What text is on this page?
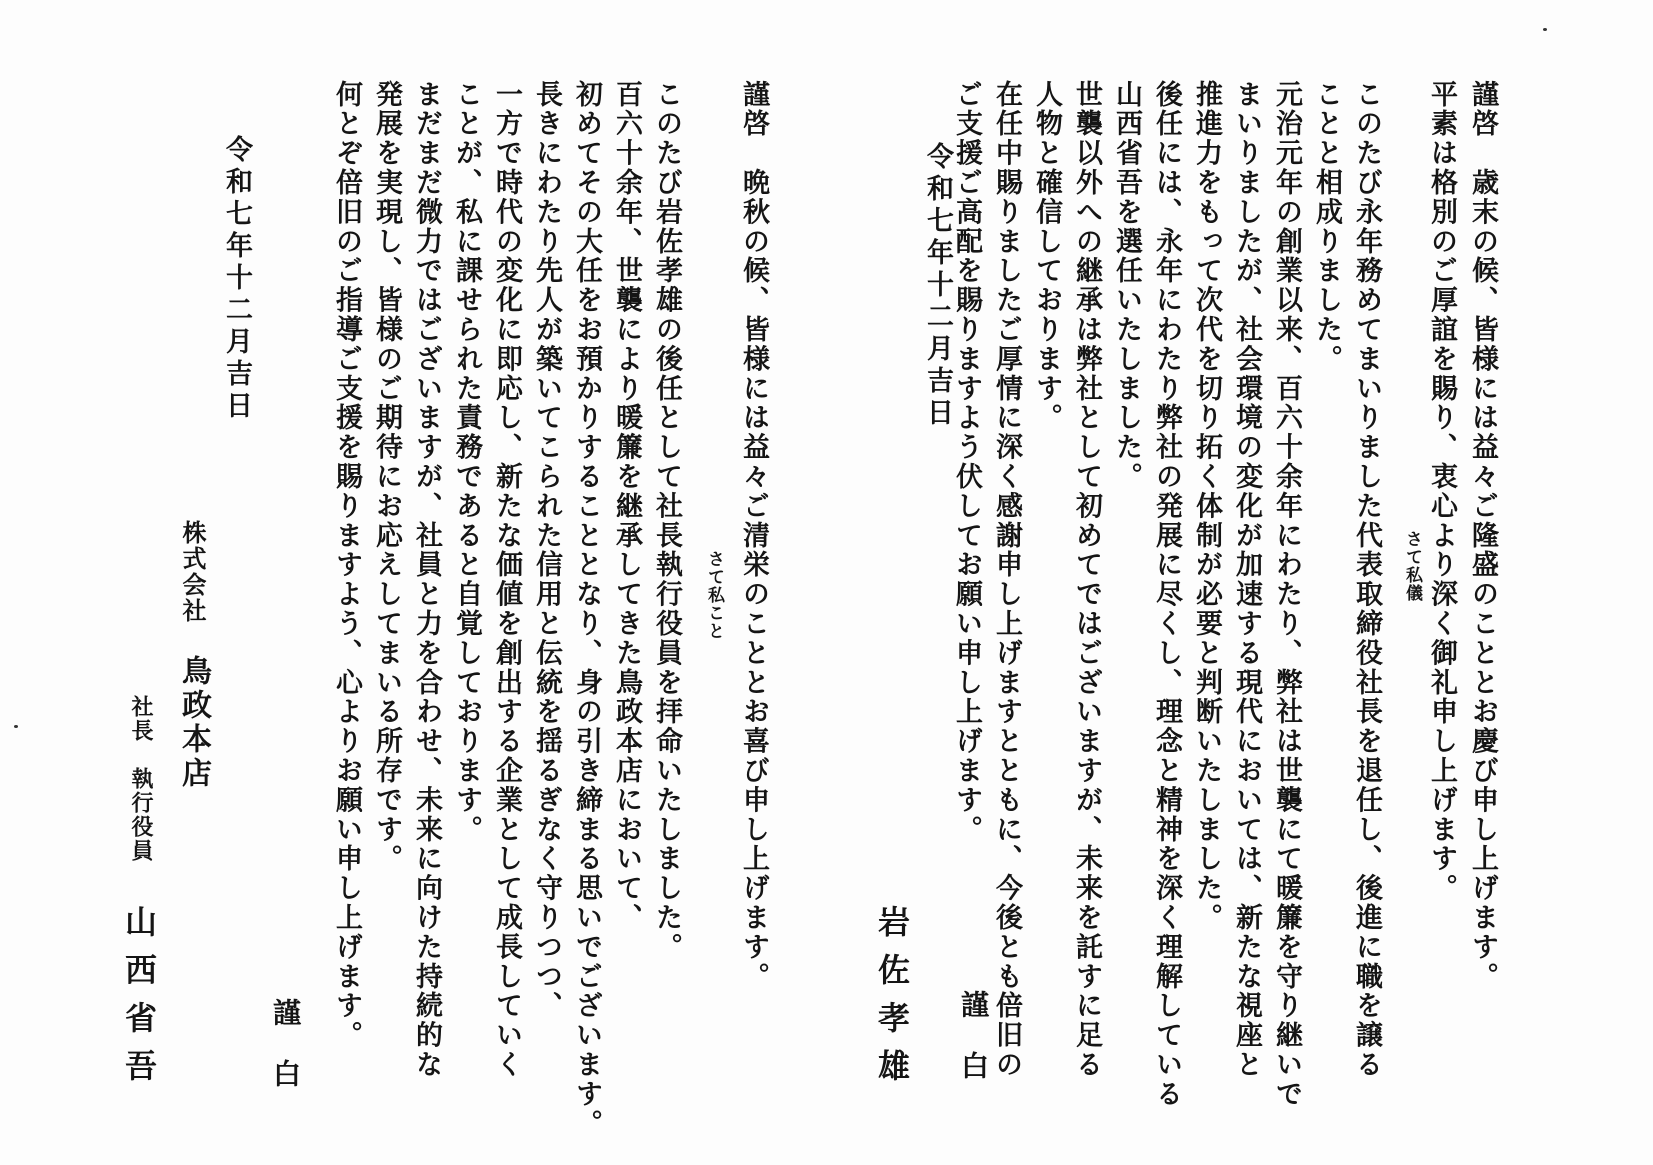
謹啓　歳末の候、皆様には益々ご隆盛のこととお慶び申し上げます。
平素は格別のご厚誼を賜り、衷心より深く御礼申し上げます。
さて私儀
このたび永年務めてまいりました代表取締役社長を退任し、後進に職を譲る
ことと相成りました。
元治元年の創業以来、百六十余年にわたり、弊社は世襲にて暖簾を守り継いで
まいりましたが、社会環境の変化が加速する現代においては、新たな視座と
推進力をもって次代を切り拓く体制が必要と判断いたしました。
後任には、永年にわたり弊社の発展に尽くし、理念と精神を深く理解している
山西省吾を選任いたしました。
世襲以外への継承は弊社として初めてではございますが、未来を託すに足る
人物と確信しております。
在任中賜りましたご厚情に深く感謝申し上げますとともに、今後とも倍旧の
ご支援ご高配を賜りますよう伏してお願い申し上げます。
令和七年十二月吉日
謹　白
岩佐孝雄
謹啓　晩秋の候、皆様には益々ご清栄のこととお喜び申し上げます。
さて私こと
このたび岩佐孝雄の後任として社長執行役員を拝命いたしました。
百六十余年、世襲により暖簾を継承してきた鳥政本店において、
初めてその大任をお預かりすることとなり、身の引き締まる思いでございます。
長きにわたり先人が築いてこられた信用と伝統を揺るぎなく守りつつ、
一方で時代の変化に即応し、新たな価値を創出する企業として成長していく
ことが、私に課せられた責務であると自覚しております。
まだまだ微力ではございますが、社員と力を合わせ、未来に向けた持続的な
発展を実現し、皆様のご期待にお応えしてまいる所存です。
何とぞ倍旧のご指導ご支援を賜りますよう、心よりお願い申し上げます。
謹　白
令和七年十二月吉日
株式会社
鳥政本店
社長　執行役員
山西省吾
